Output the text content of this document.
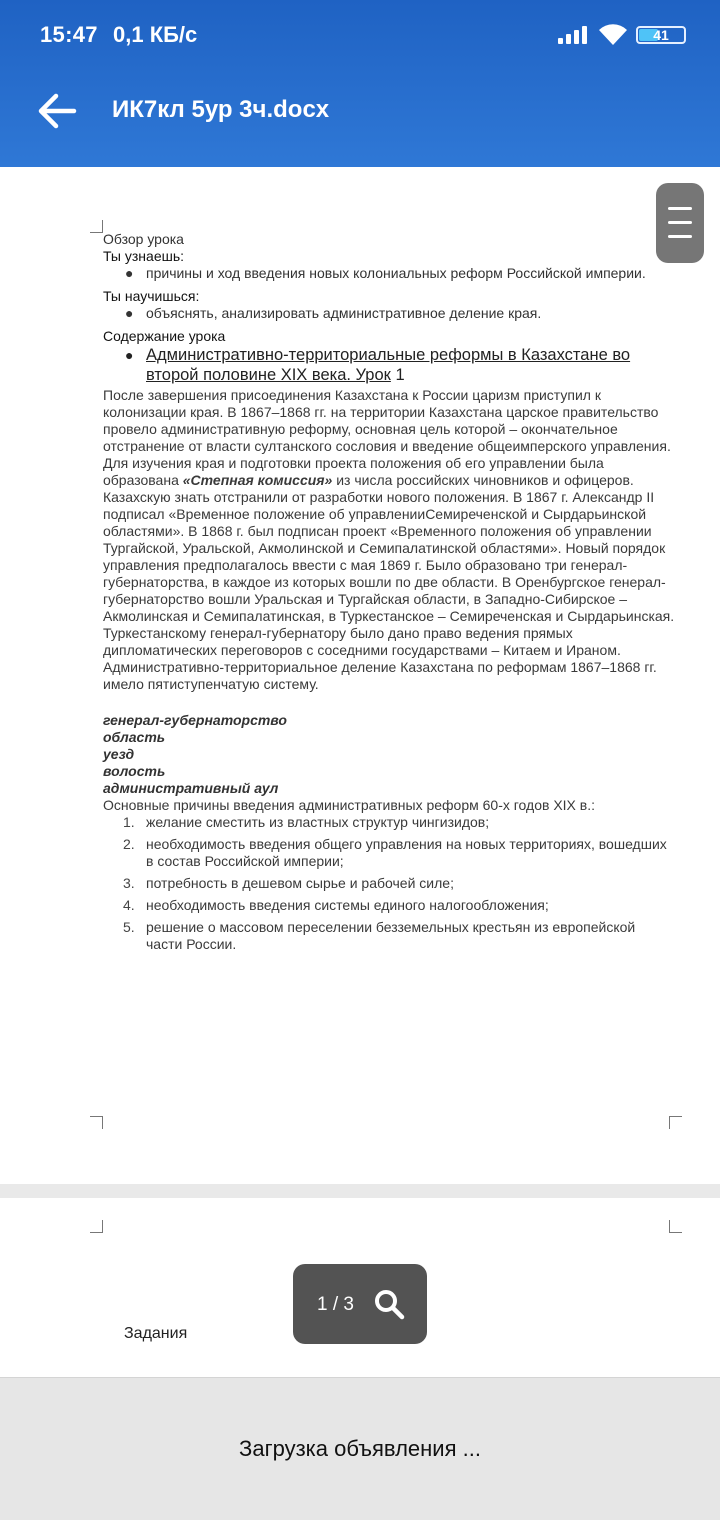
15:47 0,1 КБ/с	41
ИК7кл 5ур 3ч.docx

Обзор урока

Ты узнаешь:

● причины и ход введения новых колониальных реформ Российской империи.

Ты научишься:

● объяснять, анализировать административное деление края.

Содержание урока

● Административно-территориальные реформы в Казахстане во второй половине XIX века. Урок 1

После завершения присоединения Казахстана к России царизм приступил к колонизации края. В 1867–1868 гг. на территории Казахстана царское правительство провело административную реформу, основная цель которой – окончательное отстранение от власти султанского сословия и введение общеимперского управления.

Для изучения края и подготовки проекта положения об его управлении была образована «Степная комиссия» из числа российских чиновников и офицеров. Казахскую знать отстранили от разработки нового положения. В 1867 г. Александр II подписал «Временное положение об управленииСемиреченской и Сырдарьинской областями». В 1868 г. был подписан проект «Временного положения об управлении Тургайской, Уральской, Акмолинской и Семипалатинской областями». Новый порядок управления предполагалось ввести с мая 1869 г. Было образовано три генерал-губернаторства, в каждое из которых вошли по две области. В Оренбургское генерал-губернаторство вошли Уральская и Тургайская области, в Западно-Сибирское – Акмолинская и Семипалатинская, в Туркестанское – Семиреченская и Сырдарьинская. Туркестанскому генерал-губернатору было дано право ведения прямых дипломатических переговоров с соседними государствами – Китаем и Ираном. Административно-территориальное деление Казахстана по реформам 1867–1868 гг. имело пятиступенчатую систему.

генерал-губернаторство
область
уезд
волость
административный аул

Основные причины введения административных реформ 60-х годов XIX в.:

1. желание сместить из властных структур чингизидов;
2. необходимость введения общего управления на новых территориях, вошедших в состав Российской империи;
3. потребность в дешевом сырье и рабочей силе;
4. необходимость введения системы единого налогообложения;
5. решение о массовом переселении безземельных крестьян из европейской части России.
Задания
1 / 3
Загрузка объявления ...
